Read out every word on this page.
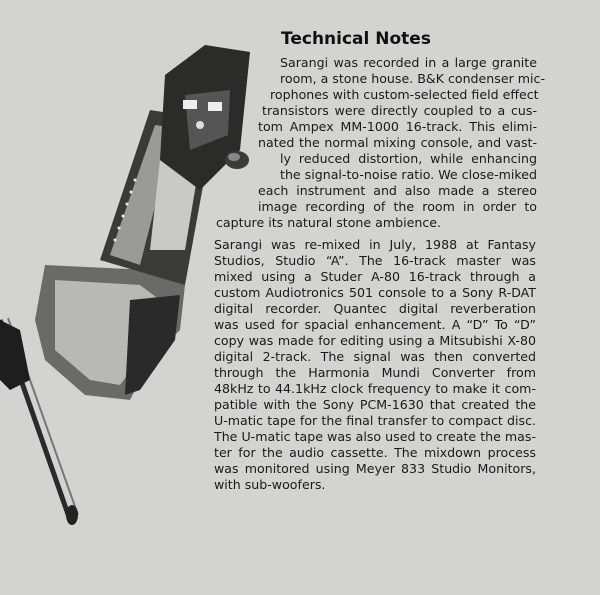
Technical Notes
Sarangi was recorded in a large granite
room, a stone house. B&K condenser mic-
rophones with custom-selected field effect
transistors were directly coupled to a cus-
tom Ampex MM-1000 16-track. This elimi-
nated the normal mixing console, and vast-
ly reduced distortion, while enhancing
the signal-to-noise ratio. We close-miked
each instrument and also made a stereo
image recording of the room in order to
capture its natural stone ambience.
Sarangi was re-mixed in July, 1988 at Fantasy
Studios, Studio “A”. The 16-track master was
mixed using a Studer A-80 16-track through a
custom Audiotronics 501 console to a Sony R-DAT
digital recorder. Quantec digital reverberation
was used for spacial enhancement. A “D” To “D”
copy was made for editing using a Mitsubishi X-80
digital 2-track. The signal was then converted
through the Harmonia Mundi Converter from
48kHz to 44.1kHz clock frequency to make it com-
patible with the Sony PCM-1630 that created the
U-matic tape for the final transfer to compact disc.
The U-matic tape was also used to create the mas-
ter for the audio cassette. The mixdown process
was monitored using Meyer 833 Studio Monitors,
with sub-woofers.
